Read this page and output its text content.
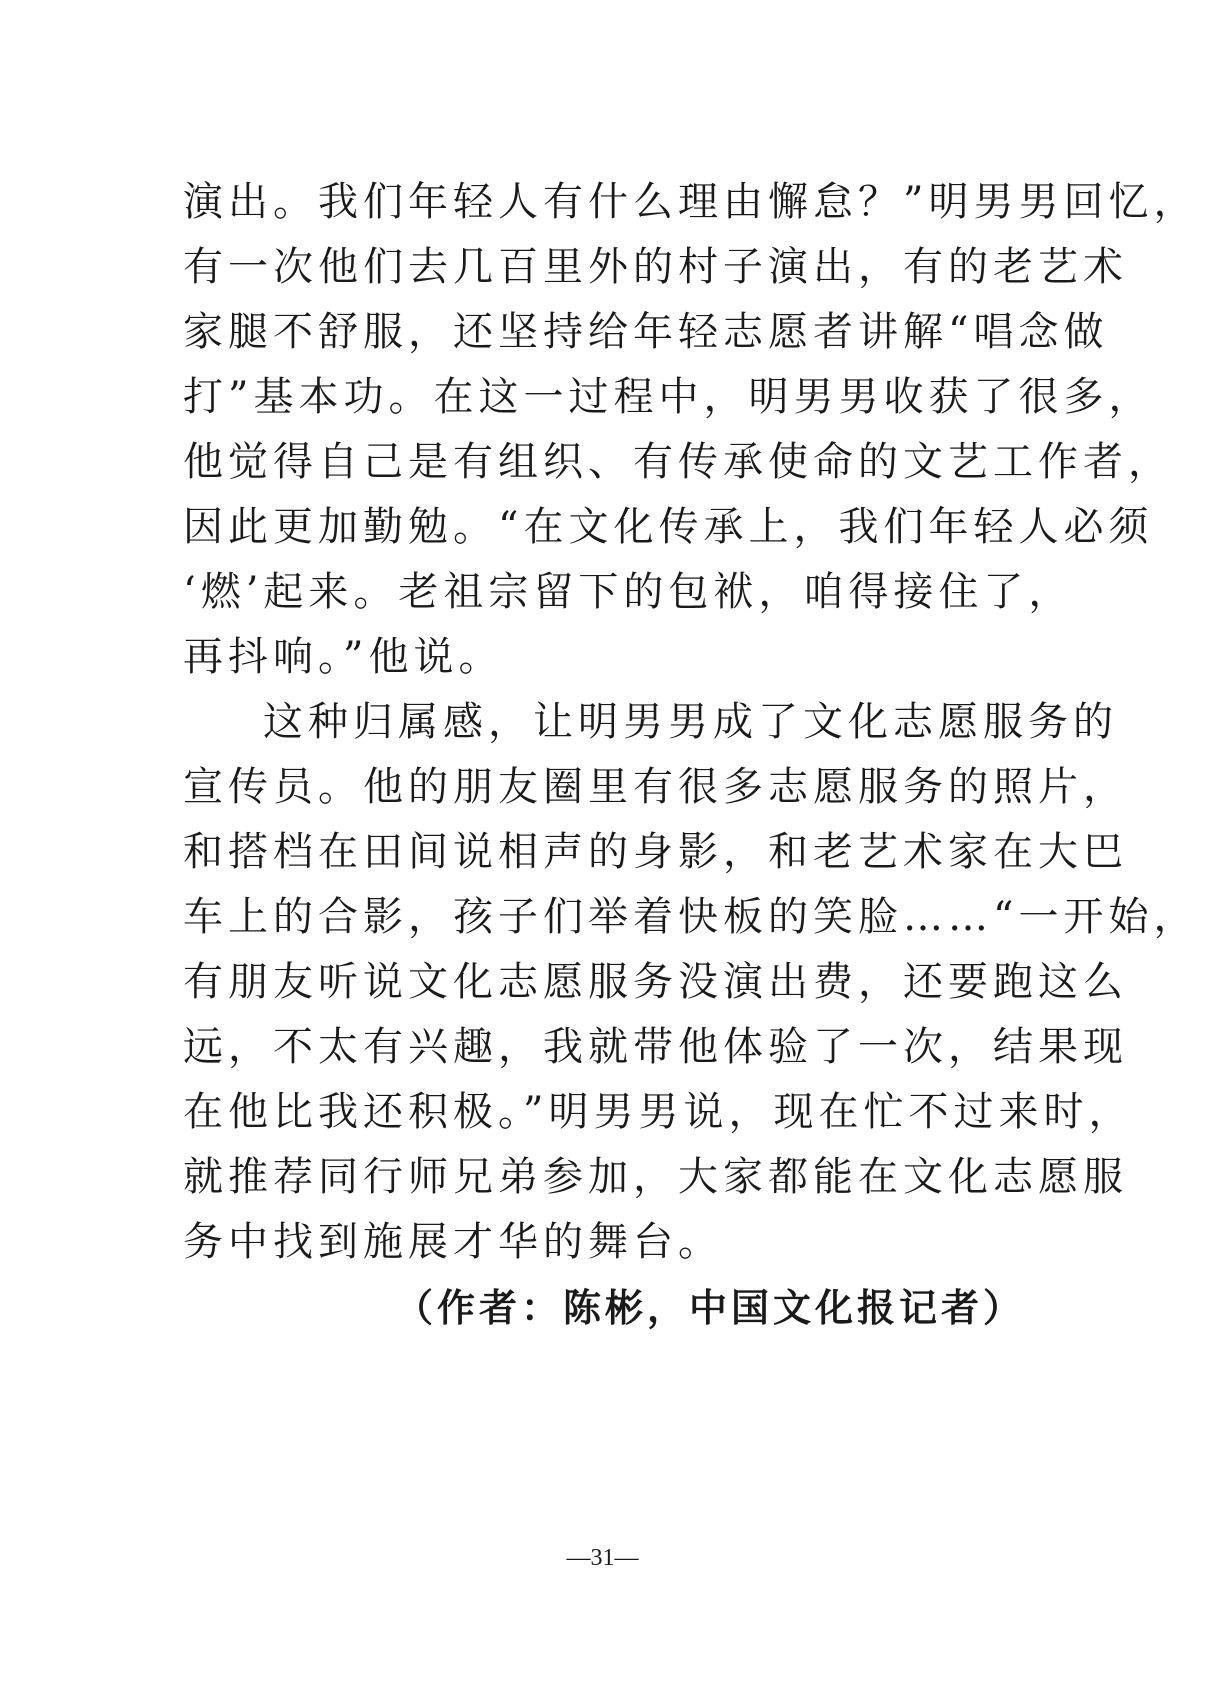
演出。我们年轻人有什么理由懈怠？”明男男回忆，
有一次他们去几百里外的村子演出，有的老艺术
家腿不舒服，还坚持给年轻志愿者讲解“唱念做
打”基本功。在这一过程中，明男男收获了很多，
他觉得自己是有组织、有传承使命的文艺工作者，
因此更加勤勉。“在文化传承上，我们年轻人必须
‘燃’起来。老祖宗留下的包袱，咱得接住了，
再抖响。”他说。
这种归属感，让明男男成了文化志愿服务的
宣传员。他的朋友圈里有很多志愿服务的照片，
和搭档在田间说相声的身影，和老艺术家在大巴
车上的合影，孩子们举着快板的笑脸……“一开始，
有朋友听说文化志愿服务没演出费，还要跑这么
远，不太有兴趣，我就带他体验了一次，结果现
在他比我还积极。”明男男说，现在忙不过来时，
就推荐同行师兄弟参加，大家都能在文化志愿服
务中找到施展才华的舞台。
（作者：陈彬，中国文化报记者）
—31—
